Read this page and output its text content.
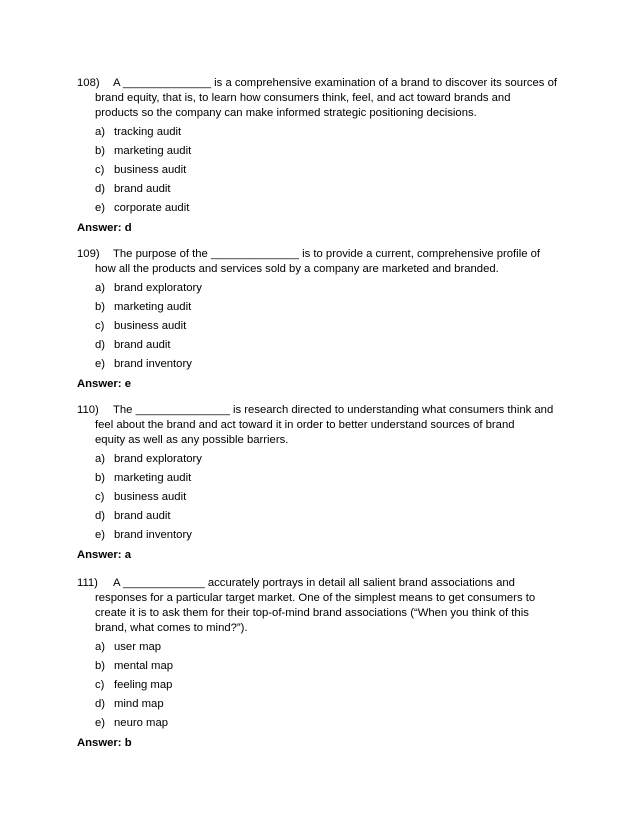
108) A ______________ is a comprehensive examination of a brand to discover its sources of
brand equity, that is, to learn how consumers think, feel, and act toward brands and
products so the company can make informed strategic positioning decisions.
a) tracking audit
b) marketing audit
c) business audit
d) brand audit
e) corporate audit
Answer: d
109) The purpose of the ______________ is to provide a current, comprehensive profile of
how all the products and services sold by a company are marketed and branded.
a) brand exploratory
b) marketing audit
c) business audit
d) brand audit
e) brand inventory
Answer: e
110) The _______________ is research directed to understanding what consumers think and
feel about the brand and act toward it in order to better understand sources of brand
equity as well as any possible barriers.
a) brand exploratory
b) marketing audit
c) business audit
d) brand audit
e) brand inventory
Answer: a
111) A _____________ accurately portrays in detail all salient brand associations and
responses for a particular target market. One of the simplest means to get consumers to
create it is to ask them for their top-of-mind brand associations (“When you think of this
brand, what comes to mind?”).
a) user map
b) mental map
c) feeling map
d) mind map
e) neuro map
Answer: b
